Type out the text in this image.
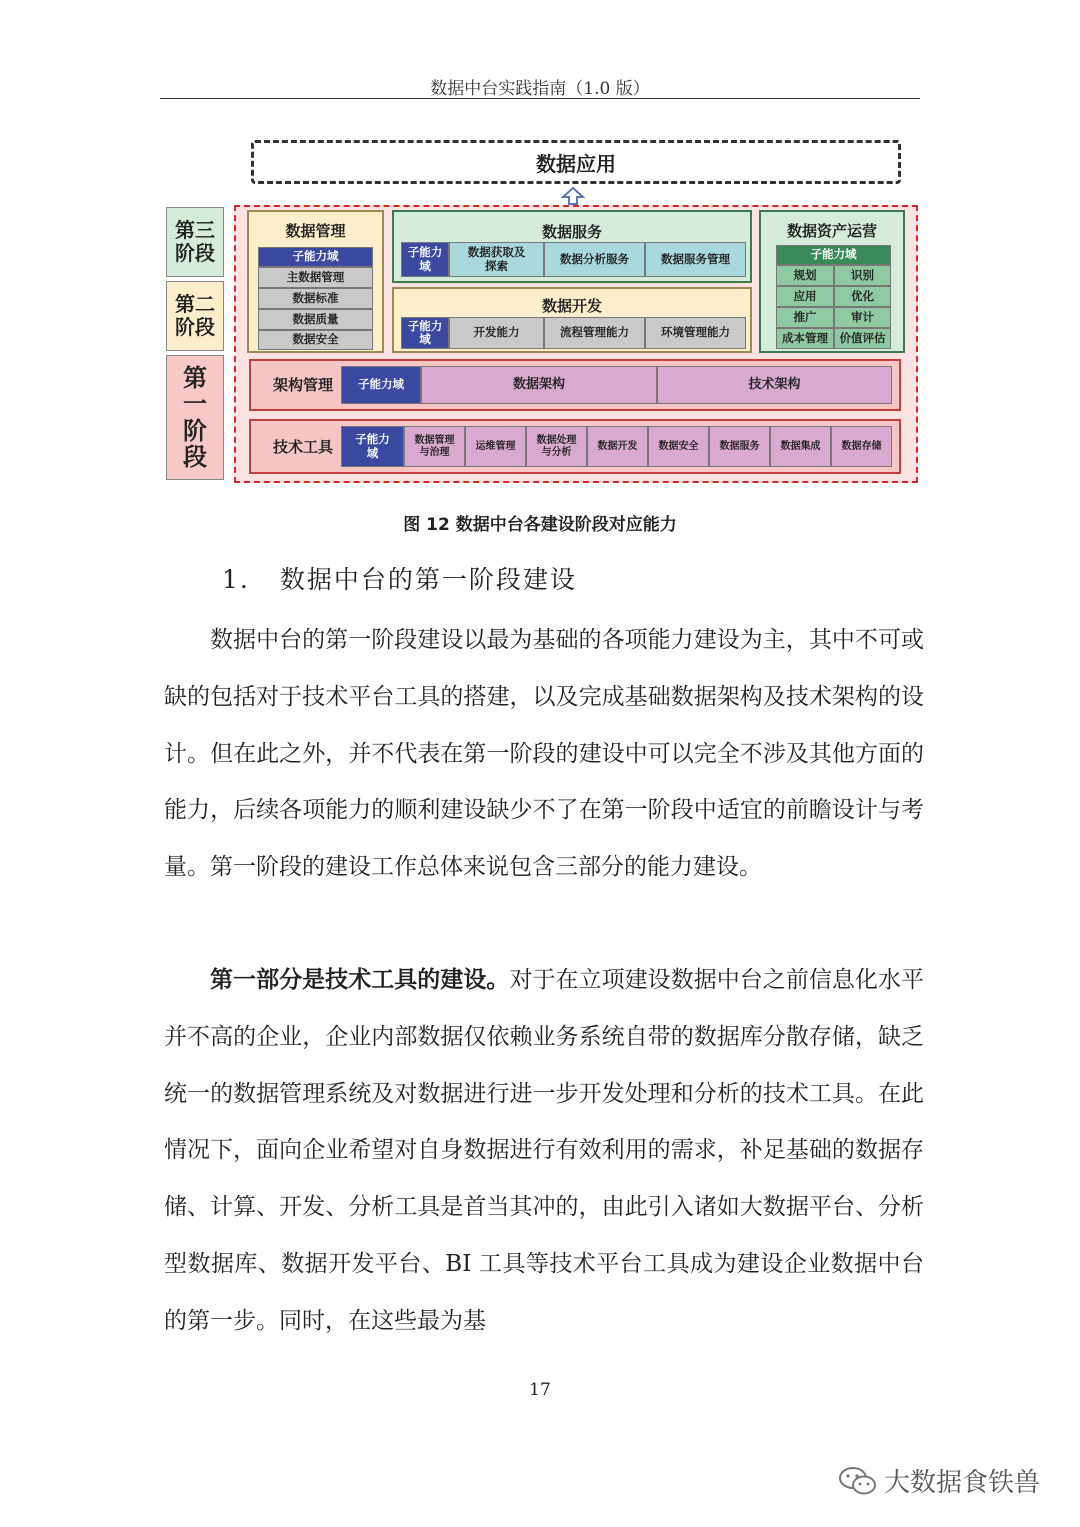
数据中台实践指南（1.0 版）
数据应用
第三
阶段
第二
阶段
第
一
阶
段
数据管理
子能力域
主数据管理
数据标准
数据质量
数据安全
数据服务
子能力
域
数据获取及
探索	数据分析服务	数据服务管理
数据开发
子能力
域	开发能力	流程管理能力	环境管理能力
数据资产运营
子能力域
规划	识别
应用	优化
推广	审计
成本管理	价值评估
架构管理	子能力域	数据架构	技术架构
技术工具	子能力
域
数据管理
与治理
运维管理
数据处理
与分析
数据开发	数据安全	数据服务	数据集成	数据存储
图 12 数据中台各建设阶段对应能力
1. 数据中台的第一阶段建设
数据中台的第一阶段建设以最为基础的各项能力建设为主，其中不可或缺的包括对于技术平台工具的搭建，以及完成基础数据架构及技术架构的设计。但在此之外，并不代表在第一阶段的建设中可以完全不涉及其他方面的能力，后续各项能力的顺利建设缺少不了在第一阶段中适宜的前瞻设计与考量。第一阶段的建设工作总体来说包含三部分的能力建设。
第一部分是技术工具的建设。对于在立项建设数据中台之前信息化水平并不高的企业，企业内部数据仅依赖业务系统自带的数据库分散存储，缺乏统一的数据管理系统及对数据进行进一步开发处理和分析的技术工具。在此情况下，面向企业希望对自身数据进行有效利用的需求，补足基础的数据存储、计算、开发、分析工具是首当其冲的，由此引入诸如大数据平台、分析型数据库、数据开发平台、BI 工具等技术平台工具成为建设企业数据中台的第一步。同时，在这些最为基
17
大数据食铁兽
